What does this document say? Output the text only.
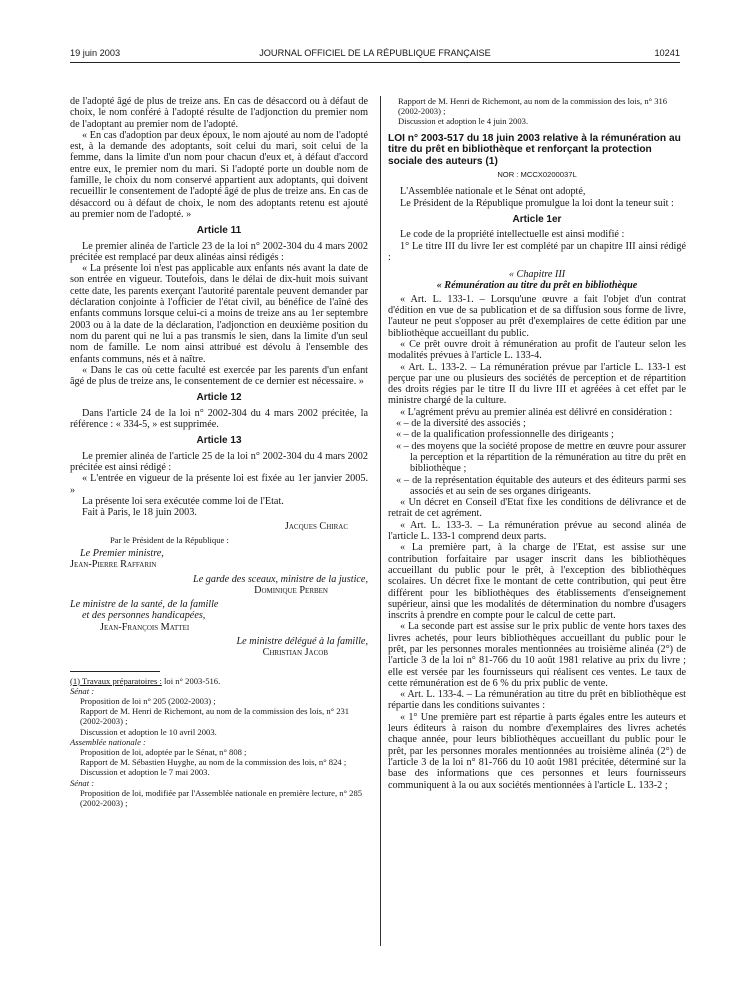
19 juin 2003	JOURNAL OFFICIEL DE LA RÉPUBLIQUE FRANÇAISE	10241

de l'adopté âgé de plus de treize ans. En cas de désaccord ou à défaut de choix, le nom conféré à l'adopté résulte de l'adjonction du premier nom de l'adoptant au premier nom de l'adopté.

« En cas d'adoption par deux époux, le nom ajouté au nom de l'adopté est, à la demande des adoptants, soit celui du mari, soit celui de la femme, dans la limite d'un nom pour chacun d'eux et, à défaut d'accord entre eux, le premier nom du mari. Si l'adopté porte un double nom de famille, le choix du nom conservé appartient aux adoptants, qui doivent recueillir le consentement de l'adopté âgé de plus de treize ans. En cas de désaccord ou à défaut de choix, le nom des adoptants retenu est ajouté au premier nom de l'adopté. »

Article 11

Le premier alinéa de l'article 23 de la loi n° 2002-304 du 4 mars 2002 précitée est remplacé par deux alinéas ainsi rédigés :

« La présente loi n'est pas applicable aux enfants nés avant la date de son entrée en vigueur. Toutefois, dans le délai de dix-huit mois suivant cette date, les parents exerçant l'autorité parentale peuvent demander par déclaration conjointe à l'officier de l'état civil, au bénéfice de l'aîné des enfants communs lorsque celui-ci a moins de treize ans au 1er septembre 2003 ou à la date de la déclaration, l'adjonction en deuxième position du nom du parent qui ne lui a pas transmis le sien, dans la limite d'un seul nom de famille. Le nom ainsi attribué est dévolu à l'ensemble des enfants communs, nés et à naître.

« Dans le cas où cette faculté est exercée par les parents d'un enfant âgé de plus de treize ans, le consentement de ce dernier est nécessaire. »

Article 12

Dans l'article 24 de la loi n° 2002-304 du 4 mars 2002 précitée, la référence : « 334-5, » est supprimée.

Article 13

Le premier alinéa de l'article 25 de la loi n° 2002-304 du 4 mars 2002 précitée est ainsi rédigé :

« L'entrée en vigueur de la présente loi est fixée au 1er janvier 2005. »

La présente loi sera exécutée comme loi de l'Etat.

Fait à Paris, le 18 juin 2003.

Jacques Chirac

Par le Président de la République :

Le Premier ministre,

Jean-Pierre Raffarin

Le garde des sceaux, ministre de la justice,

Dominique Perben

Le ministre de la santé, de la famille

et des personnes handicapées,

Jean-François Mattei

Le ministre délégué à la famille,

Christian Jacob

(1) Travaux préparatoires : loi n° 2003-516.

Sénat :

Proposition de loi n° 205 (2002-2003) ;

Rapport de M. Henri de Richemont, au nom de la commission des lois, n° 231 (2002-2003) ;

Discussion et adoption le 10 avril 2003.

Assemblée nationale :

Proposition de loi, adoptée par le Sénat, n° 808 ;

Rapport de M. Sébastien Huyghe, au nom de la commission des lois, n° 824 ;

Discussion et adoption le 7 mai 2003.

Sénat :

Proposition de loi, modifiée par l'Assemblée nationale en première lecture, n° 285 (2002-2003) ;

Rapport de M. Henri de Richemont, au nom de la commission des lois, n° 316 (2002-2003) ;

Discussion et adoption le 4 juin 2003.

LOI n° 2003-517 du 18 juin 2003 relative à la rémunération au titre du prêt en bibliothèque et renforçant la protection sociale des auteurs (1)

NOR : MCCX0200037L

L'Assemblée nationale et le Sénat ont adopté,

Le Président de la République promulgue la loi dont la teneur suit :

Article 1er

Le code de la propriété intellectuelle est ainsi modifié :

1° Le titre III du livre Ier est complété par un chapitre III ainsi rédigé :

« Chapitre III

« Rémunération au titre du prêt en bibliothèque

« Art. L. 133-1. – Lorsqu'une œuvre a fait l'objet d'un contrat d'édition en vue de sa publication et de sa diffusion sous forme de livre, l'auteur ne peut s'opposer au prêt d'exemplaires de cette édition par une bibliothèque accueillant du public.

« Ce prêt ouvre droit à rémunération au profit de l'auteur selon les modalités prévues à l'article L. 133-4.

« Art. L. 133-2. – La rémunération prévue par l'article L. 133-1 est perçue par une ou plusieurs des sociétés de perception et de répartition des droits régies par le titre II du livre III et agréées à cet effet par le ministre chargé de la culture.

« L'agrément prévu au premier alinéa est délivré en considération :

« – de la diversité des associés ;

« – de la qualification professionnelle des dirigeants ;

« – des moyens que la société propose de mettre en œuvre pour assurer la perception et la répartition de la rémunération au titre du prêt en bibliothèque ;

« – de la représentation équitable des auteurs et des éditeurs parmi ses associés et au sein de ses organes dirigeants.

« Un décret en Conseil d'Etat fixe les conditions de délivrance et de retrait de cet agrément.

« Art. L. 133-3. – La rémunération prévue au second alinéa de l'article L. 133-1 comprend deux parts.

« La première part, à la charge de l'Etat, est assise sur une contribution forfaitaire par usager inscrit dans les bibliothèques accueillant du public pour le prêt, à l'exception des bibliothèques scolaires. Un décret fixe le montant de cette contribution, qui peut être différent pour les bibliothèques des établissements d'enseignement supérieur, ainsi que les modalités de détermination du nombre d'usagers inscrits à prendre en compte pour le calcul de cette part.

« La seconde part est assise sur le prix public de vente hors taxes des livres achetés, pour leurs bibliothèques accueillant du public pour le prêt, par les personnes morales mentionnées au troisième alinéa (2°) de l'article 3 de la loi n° 81-766 du 10 août 1981 relative au prix du livre ; elle est versée par les fournisseurs qui réalisent ces ventes. Le taux de cette rémunération est de 6 % du prix public de vente.

« Art. L. 133-4. – La rémunération au titre du prêt en bibliothèque est répartie dans les conditions suivantes :

« 1° Une première part est répartie à parts égales entre les auteurs et leurs éditeurs à raison du nombre d'exemplaires des livres achetés chaque année, pour leurs bibliothèques accueillant du public pour le prêt, par les personnes morales mentionnées au troisième alinéa (2°) de l'article 3 de la loi n° 81-766 du 10 août 1981 précitée, déterminé sur la base des informations que ces personnes et leurs fournisseurs communiquent à la ou aux sociétés mentionnées à l'article L. 133-2 ;
